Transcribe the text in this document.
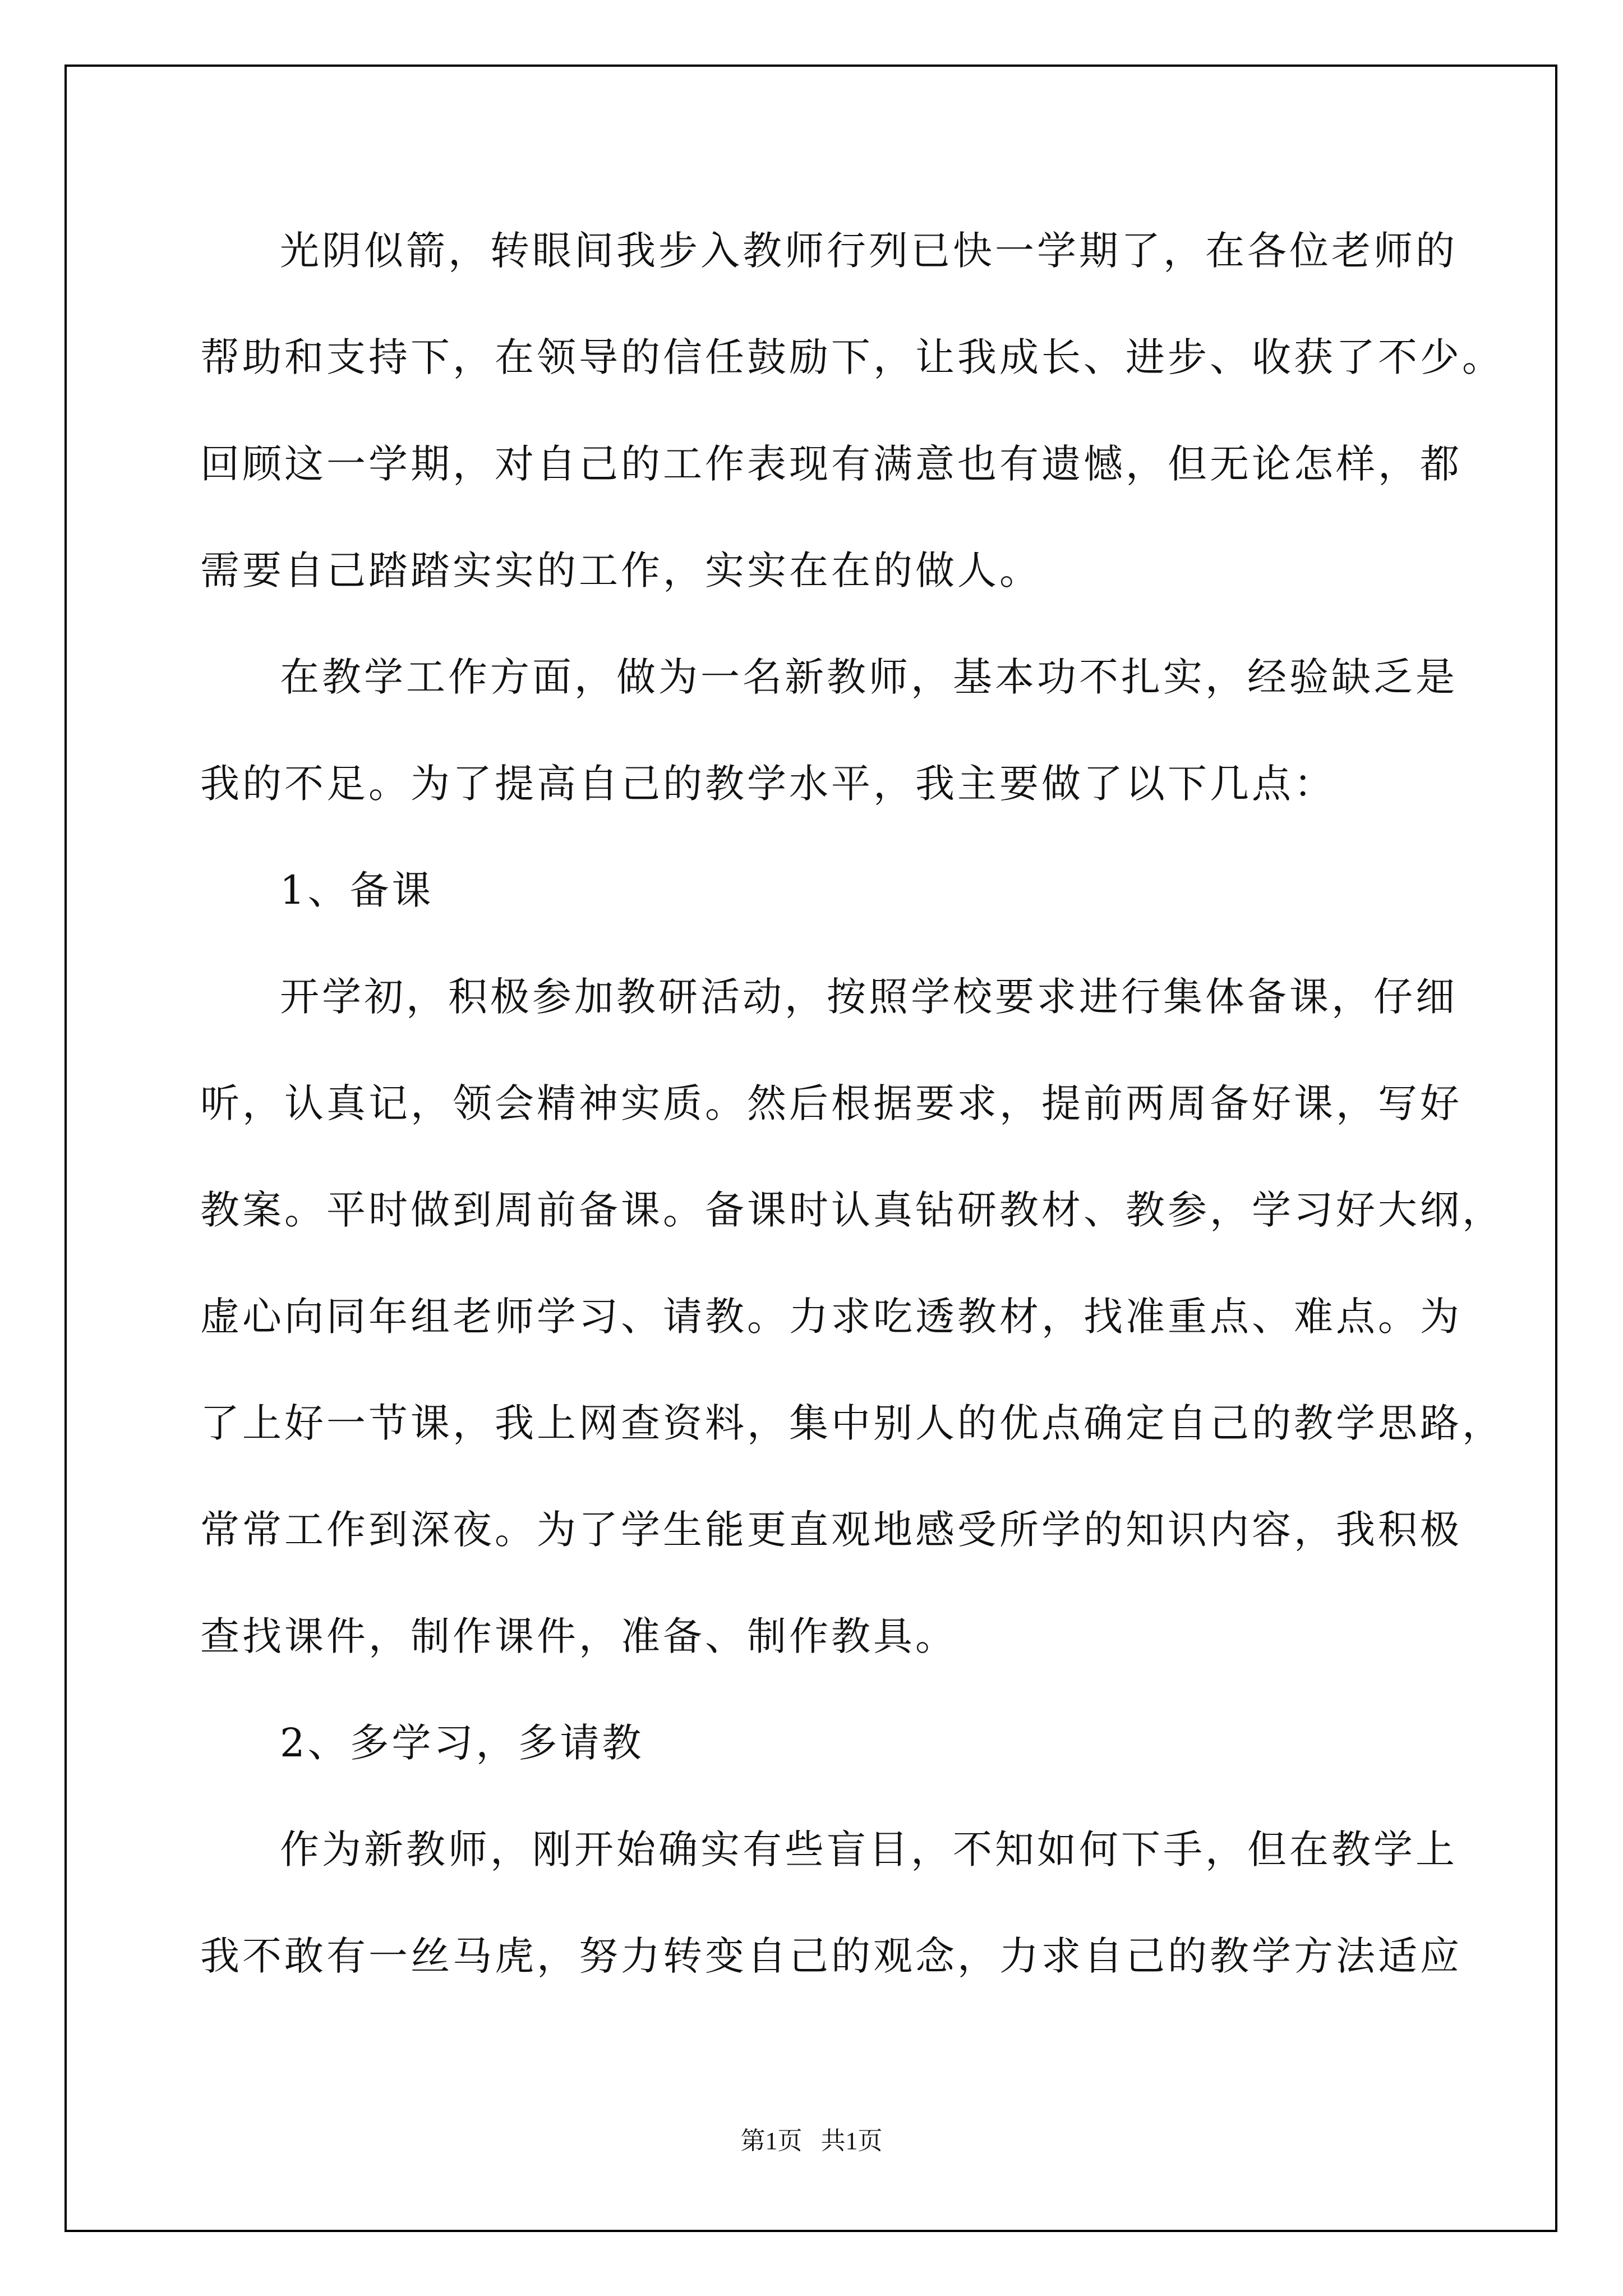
光阴似箭，转眼间我步入教师行列已快一学期了，在各位老师的
帮助和支持下，在领导的信任鼓励下，让我成长、进步、收获了不少。
回顾这一学期，对自己的工作表现有满意也有遗憾，但无论怎样，都
需要自己踏踏实实的工作，实实在在的做人。
在教学工作方面，做为一名新教师，基本功不扎实，经验缺乏是
我的不足。为了提高自己的教学水平，我主要做了以下几点：
1、备课
开学初，积极参加教研活动，按照学校要求进行集体备课，仔细
听，认真记，领会精神实质。然后根据要求，提前两周备好课，写好
教案。平时做到周前备课。备课时认真钻研教材、教参，学习好大纲，
虚心向同年组老师学习、请教。力求吃透教材，找准重点、难点。为
了上好一节课，我上网查资料，集中别人的优点确定自己的教学思路，
常常工作到深夜。为了学生能更直观地感受所学的知识内容，我积极
查找课件，制作课件，准备、制作教具。
2、多学习，多请教
作为新教师，刚开始确实有些盲目，不知如何下手，但在教学上
我不敢有一丝马虎，努力转变自己的观念，力求自己的教学方法适应
第1页   共1页
